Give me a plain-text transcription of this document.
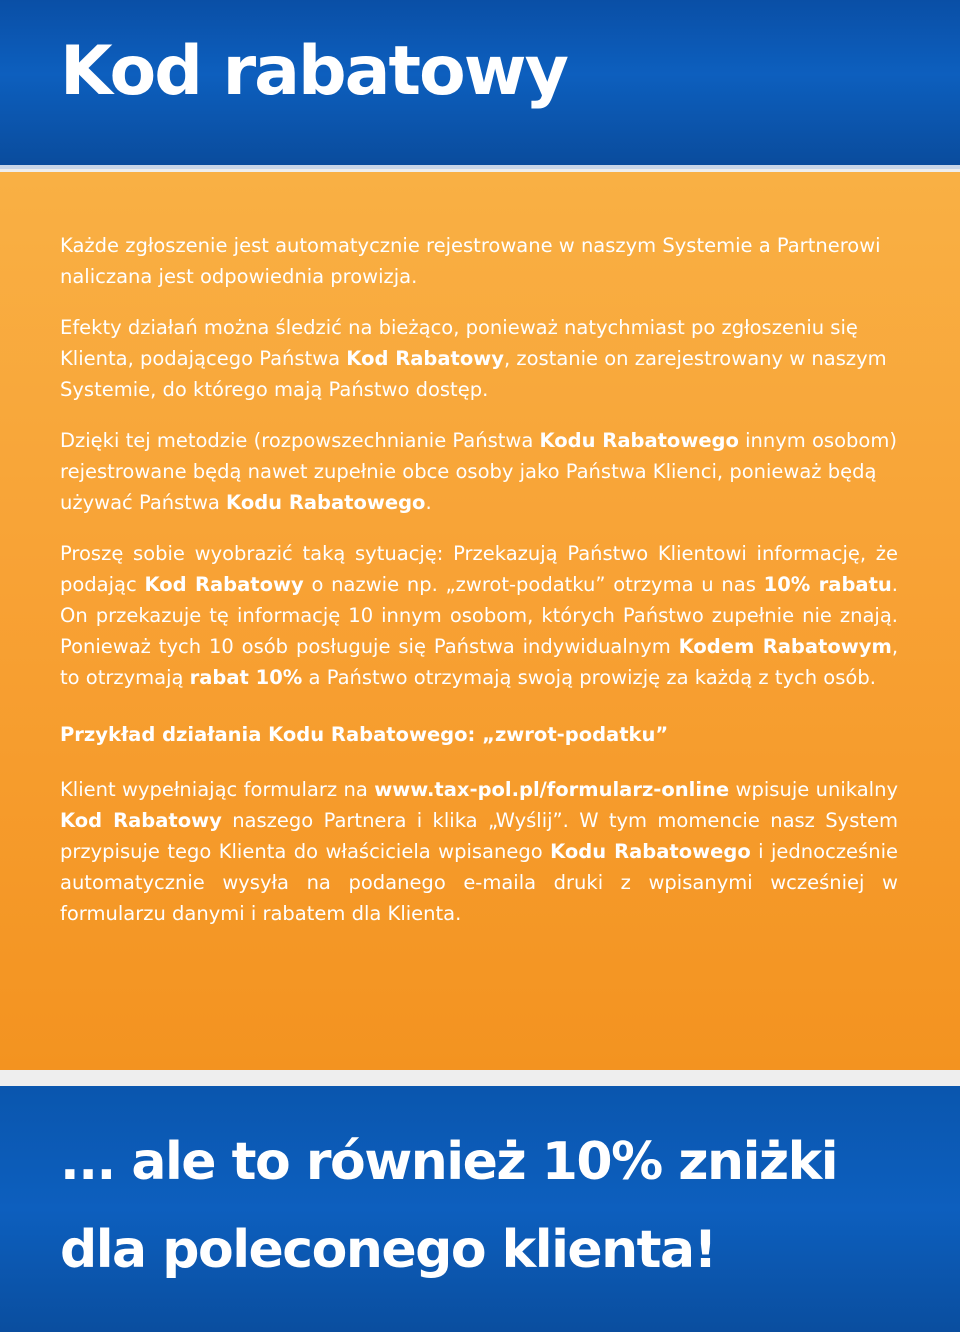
Kod rabatowy

Każde zgłoszenie jest automatycznie rejestrowane w naszym Systemie a Partnerowi naliczana jest odpowiednia prowizja.

Efekty działań można śledzić na bieżąco, ponieważ natychmiast po zgłoszeniu się Klienta, podającego Państwa Kod Rabatowy, zostanie on zarejestrowany w naszym Systemie, do którego mają Państwo dostęp.

Dzięki tej metodzie (rozpowszechnianie Państwa Kodu Rabatowego innym osobom) rejestrowane będą nawet zupełnie obce osoby jako Państwa Klienci, ponieważ będą używać Państwa Kodu Rabatowego.

Proszę sobie wyobrazić taką sytuację: Przekazują Państwo Klientowi informację, że podając Kod Rabatowy o nazwie np. „zwrot-podatku” otrzyma u nas 10% rabatu. On przekazuje tę informację 10 innym osobom, których Państwo zupełnie nie znają. Ponieważ tych 10 osób posługuje się Państwa indywidualnym Kodem Rabatowym, to otrzymają rabat 10% a Państwo otrzymają swoją prowizję za każdą z tych osób.

Przykład działania Kodu Rabatowego: „zwrot-podatku”

Klient wypełniając formularz na www.tax-pol.pl/formularz-online wpisuje unikalny Kod Rabatowy naszego Partnera i klika „Wyślij”. W tym momencie nasz System przypisuje tego Klienta do właściciela wpisanego Kodu Rabatowego i jednocześnie automatycznie wysyła na podanego e-maila druki z wpisanymi wcześniej w formularzu danymi i rabatem dla Klienta.

... ale to również 10% zniżki

dla poleconego klienta!
